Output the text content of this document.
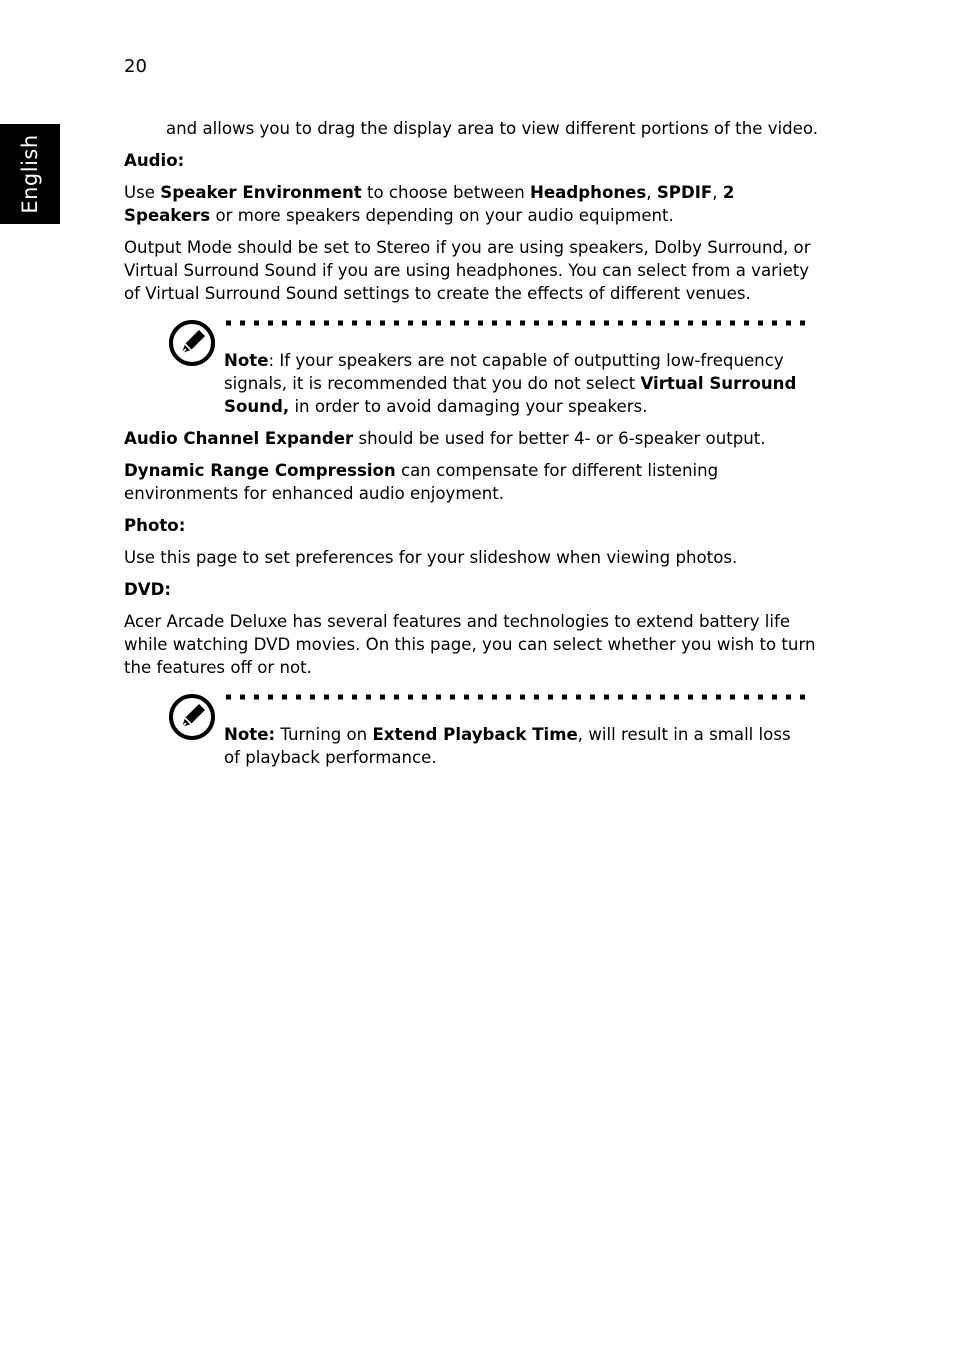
20
English

and allows you to drag the display area to view different portions of the video.

Audio:

Use Speaker Environment to choose between Headphones, SPDIF, 2 Speakers or more speakers depending on your audio equipment.

Output Mode should be set to Stereo if you are using speakers, Dolby Surround, or Virtual Surround Sound if you are using headphones. You can select from a variety of Virtual Surround Sound settings to create the effects of different venues.

Note: If your speakers are not capable of outputting low-frequency signals, it is recommended that you do not select Virtual Surround Sound, in order to avoid damaging your speakers.

Audio Channel Expander should be used for better 4- or 6-speaker output.

Dynamic Range Compression can compensate for different listening environments for enhanced audio enjoyment.

Photo:

Use this page to set preferences for your slideshow when viewing photos.

DVD:

Acer Arcade Deluxe has several features and technologies to extend battery life while watching DVD movies. On this page, you can select whether you wish to turn the features off or not.

Note: Turning on Extend Playback Time, will result in a small loss of playback performance.
